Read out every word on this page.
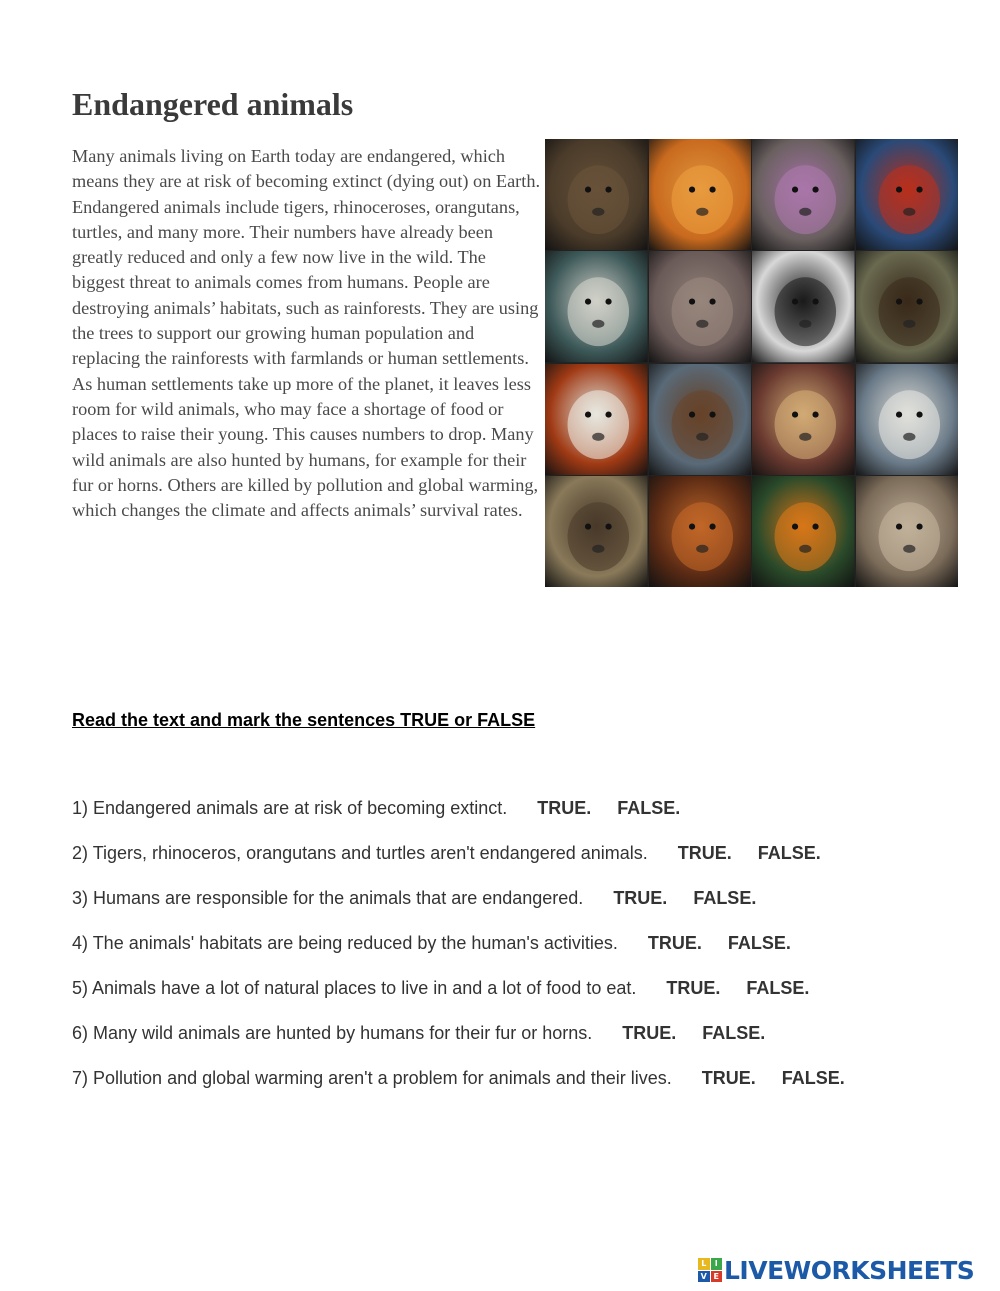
Endangered animals

Many animals living on Earth today are endangered, which means they are at risk of becoming extinct (dying out) on Earth. Endangered animals include tigers, rhinoceroses, orangutans, turtles, and many more. Their numbers have already been greatly reduced and only a few now live in the wild. The biggest threat to animals comes from humans. People are destroying animals’ habitats, such as rainforests. They are using the trees to support our growing human population and replacing the rainforests with farmlands or human settlements. As human settlements take up more of the planet, it leaves less room for wild animals, who may face a shortage of food or places to raise their young. This causes numbers to drop. Many wild animals are also hunted by humans, for example for their fur or horns. Others are killed by pollution and global warming, which changes the climate and affects animals’ survival rates.

Read the text and mark the sentences TRUE or FALSE

1) Endangered animals are at risk of becoming extinct. TRUE. FALSE.
2) Tigers, rhinoceros, orangutans and turtles aren't endangered animals. TRUE. FALSE.
3) Humans are responsible for the animals that are endangered. TRUE. FALSE.
4) The animals' habitats are being reduced by the human's activities. TRUE. FALSE.
5) Animals have a lot of natural places to live in and a lot of food to eat. TRUE. FALSE.
6) Many wild animals are hunted by humans for their fur or horns. TRUE. FALSE.
7) Pollution and global warming aren't a problem for animals and their lives. TRUE. FALSE.
L	I
V E LIVEWORKSHEETS
